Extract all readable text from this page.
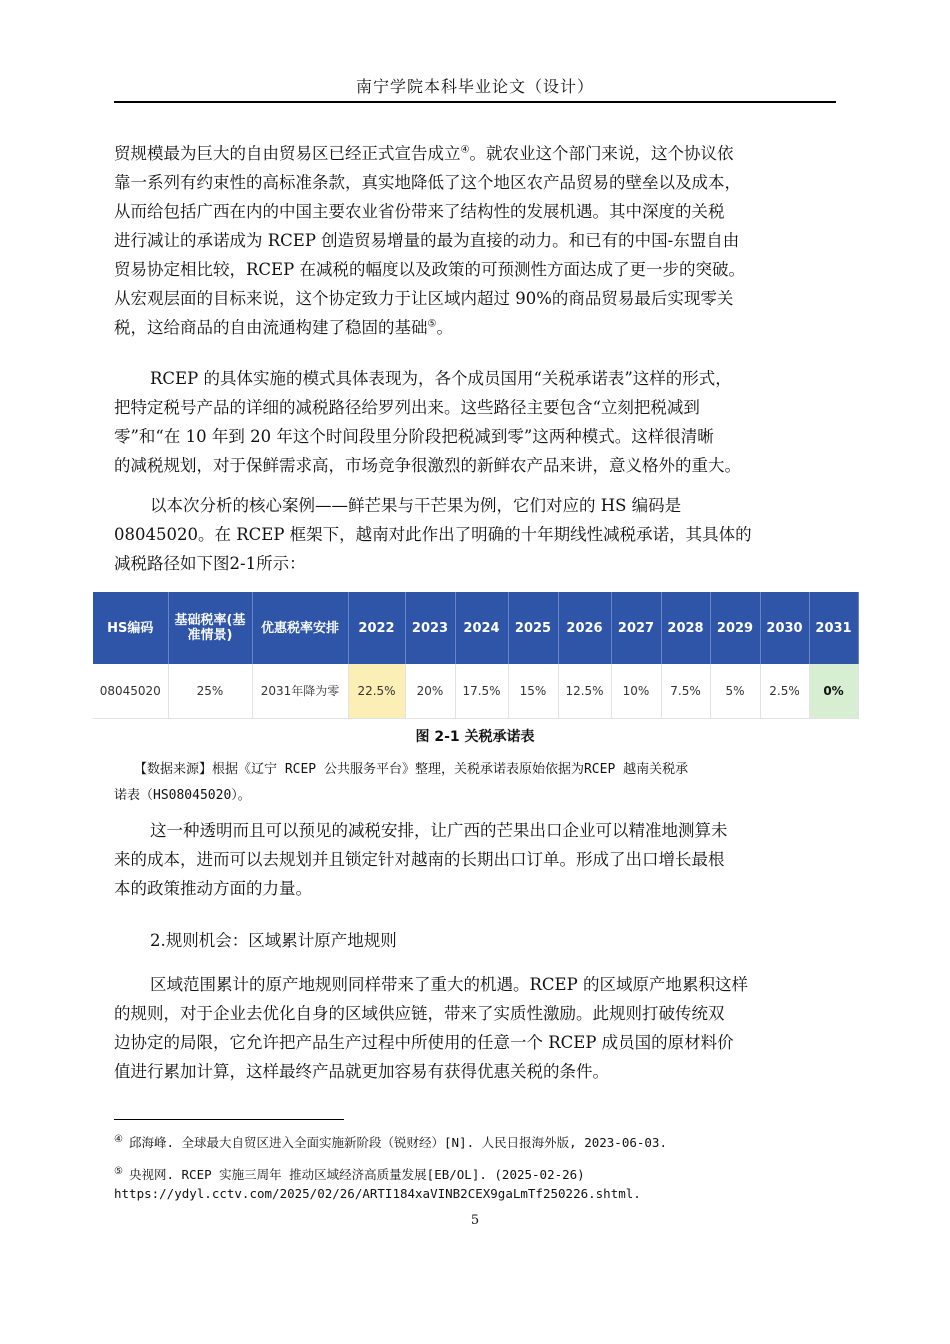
南宁学院本科毕业论文（设计）
贸规模最为巨大的自由贸易区已经正式宣告成立④。就农业这个部门来说，这个协议依
靠一系列有约束性的高标准条款，真实地降低了这个地区农产品贸易的壁垒以及成本，
从而给包括广西在内的中国主要农业省份带来了结构性的发展机遇。其中深度的关税
进行减让的承诺成为 RCEP 创造贸易增量的最为直接的动力。和已有的中国-东盟自由
贸易协定相比较，RCEP 在减税的幅度以及政策的可预测性方面达成了更一步的突破。
从宏观层面的目标来说，这个协定致力于让区域内超过 90%的商品贸易最后实现零关
税，这给商品的自由流通构建了稳固的基础⑤。
RCEP 的具体实施的模式具体表现为，各个成员国用“关税承诺表”这样的形式，
把特定税号产品的详细的减税路径给罗列出来。这些路径主要包含“立刻把税减到
零”和“在 10 年到 20 年这个时间段里分阶段把税减到零”这两种模式。这样很清晰
的减税规划，对于保鲜需求高，市场竞争很激烈的新鲜农产品来讲，意义格外的重大。
以本次分析的核心案例——鲜芒果与干芒果为例，它们对应的 HS 编码是
08045020。在 RCEP 框架下，越南对此作出了明确的十年期线性减税承诺，其具体的
减税路径如下图2-1所示：
HS编码	基础税率(基准情景)	优惠税率安排	2022	2023	2024	2025	2026	2027	2028	2029	2030	2031
08045020	25%	2031年降为零	22.5%	20%	17.5%	15%	12.5%	10%	7.5%	5%	2.5%	0%
图 2-1 关税承诺表
【数据来源】根据《辽宁 RCEP 公共服务平台》整理，关税承诺表原始依据为RCEP 越南关税承
诺表（HS08045020）。
这一种透明而且可以预见的减税安排，让广西的芒果出口企业可以精准地测算未
来的成本，进而可以去规划并且锁定针对越南的长期出口订单。形成了出口增长最根
本的政策推动方面的力量。
2.规则机会：区域累计原产地规则
区域范围累计的原产地规则同样带来了重大的机遇。RCEP 的区域原产地累积这样
的规则，对于企业去优化自身的区域供应链，带来了实质性激励。此规则打破传统双
边协定的局限，它允许把产品生产过程中所使用的任意一个 RCEP 成员国的原材料价
值进行累加计算，这样最终产品就更加容易有获得优惠关税的条件。
④ 邱海峰. 全球最大自贸区进入全面实施新阶段（锐财经）[N]. 人民日报海外版, 2023-06-03.
⑤ 央视网. RCEP 实施三周年 推动区域经济高质量发展[EB/OL]. (2025-02-26)
https://ydyl.cctv.com/2025/02/26/ARTI184xaVINB2CEX9gaLmTf250226.shtml.
5
